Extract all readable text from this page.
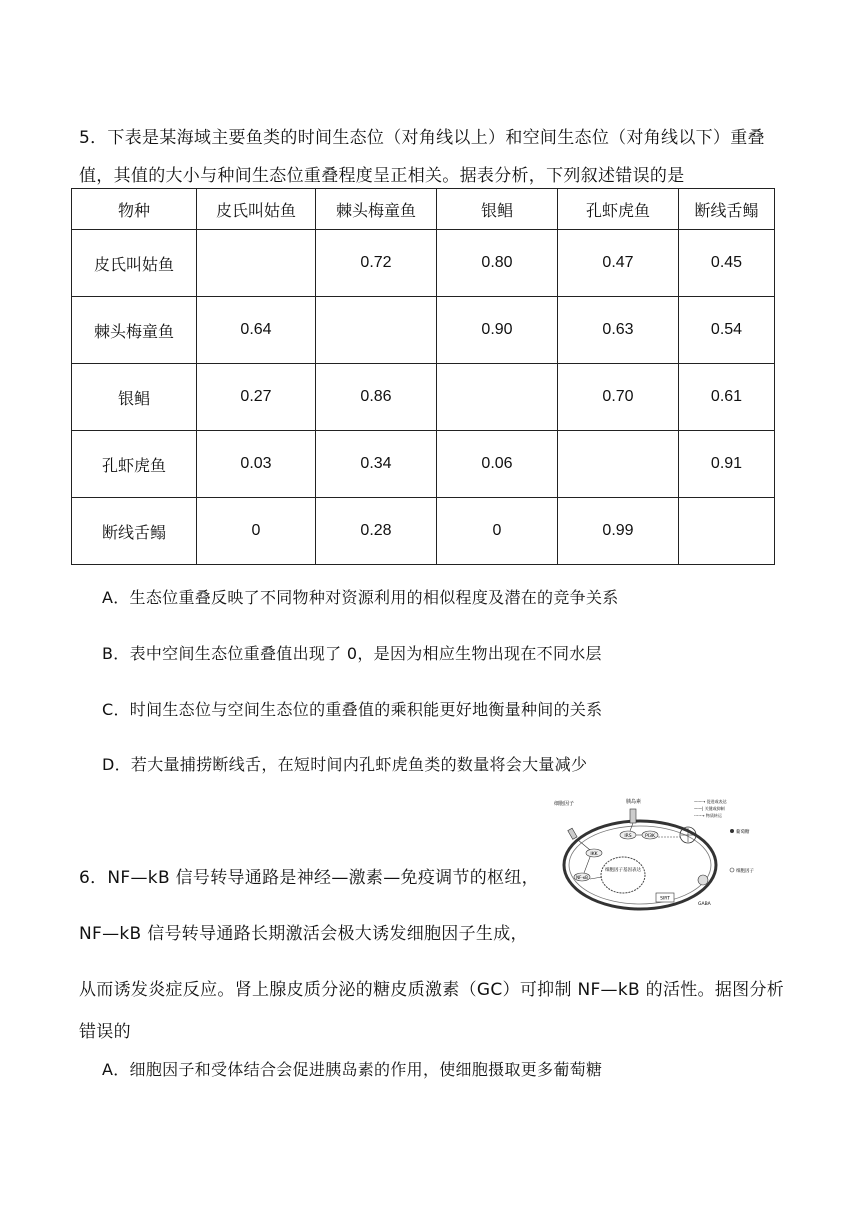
5．下表是某海域主要鱼类的时间生态位（对角线以上）和空间生态位（对角线以下）重叠
值，其值的大小与种间生态位重叠程度呈正相关。据表分析，下列叙述错误的是
物种	皮氏叫姑鱼	棘头梅童鱼	银鲳	孔虾虎鱼	断线舌鳎
皮氏叫姑鱼		0.72	0.80	0.47	0.45
棘头梅童鱼	0.64		0.90	0.63	0.54
银鲳	0.27	0.86		0.70	0.61
孔虾虎鱼	0.03	0.34	0.06		0.91
断线舌鳎	0	0.28	0	0.99	
A．生态位重叠反映了不同物种对资源利用的相似程度及潜在的竞争关系
B．表中空间生态位重叠值出现了 0，是因为相应生物出现在不同水层
C．时间生态位与空间生态位的重叠值的乘积能更好地衡量种间的关系
D．若大量捕捞断线舌，在短时间内孔虾虎鱼类的数量将会大量减少
6．NF—kB 信号转导通路是神经—激素—免疫调节的枢纽，
NF—kB 信号转导通路长期激活会极大诱发细胞因子生成，
从而诱发炎症反应。肾上腺皮质分泌的糖皮质激素（GC）可抑制 NF—kB 的活性。据图分析
错误的
A．细胞因子和受体结合会促进胰岛素的作用，使细胞摄取更多葡萄糖
细胞因子基因表达
IRS	PI3K
IKK
NF-κB
SIRT
细胞因子	胰岛素	——→ 促进或表达
——| 关键或抑制
-----→ 物质转运
葡萄糖
细胞因子
GABA
